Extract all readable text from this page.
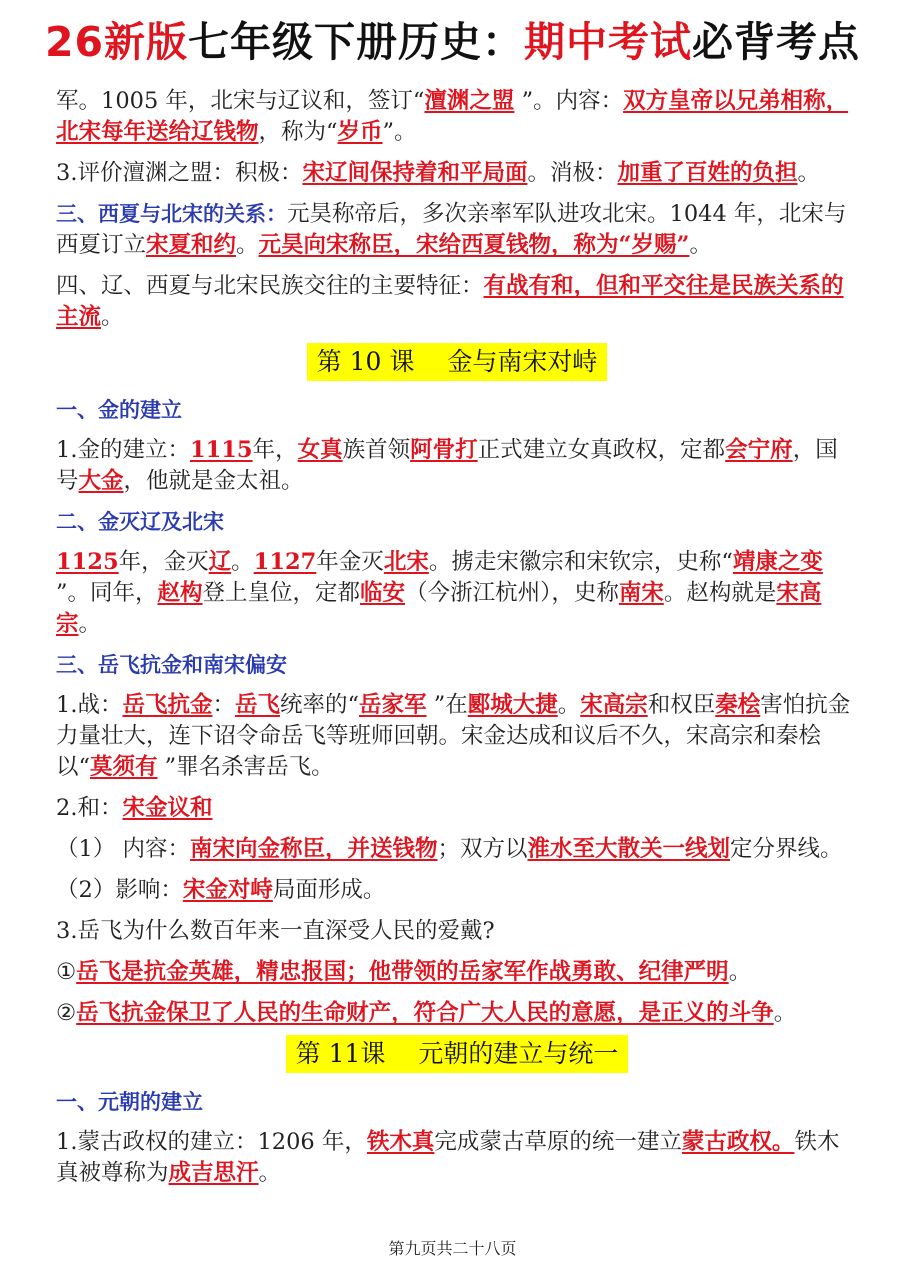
26新版七年级下册历史：期中考试必背考点

军。1005 年，北宋与辽议和，签订“澶渊之盟 ”。内容：双方皇帝以兄弟相称，北宋每年送给辽钱物，称为“岁币”。

3.评价澶渊之盟：积极：宋辽间保持着和平局面。消极：加重了百姓的负担。

三、西夏与北宋的关系：元昊称帝后，多次亲率军队进攻北宋。1044 年，北宋与西夏订立宋夏和约。元昊向宋称臣，宋给西夏钱物，称为“岁赐”。

四、辽、西夏与北宋民族交往的主要特征：有战有和，但和平交往是民族关系的主流。

第 10 课　 金与南宋对峙
一、金的建立

1.金的建立：1115年，女真族首领阿骨打正式建立女真政权，定都会宁府，国号大金，他就是金太祖。

二、金灭辽及北宋

1125年，金灭辽。1127年金灭北宋。掳走宋徽宗和宋钦宗，史称“靖康之变 ”。同年，赵构登上皇位，定都临安（今浙江杭州），史称南宋。赵构就是宋高宗。

三、岳飞抗金和南宋偏安

1.战：岳飞抗金：岳飞统率的“岳家军 ”在郾城大捷。宋高宗和权臣秦桧害怕抗金力量壮大，连下诏令命岳飞等班师回朝。宋金达成和议后不久，宋高宗和秦桧以“莫须有 ”罪名杀害岳飞。

2.和：宋金议和

（1） 内容：南宋向金称臣，并送钱物；双方以淮水至大散关一线划定分界线。

（2）影响：宋金对峙局面形成。

3.岳飞为什么数百年来一直深受人民的爱戴?

①岳飞是抗金英雄，精忠报国；他带领的岳家军作战勇敢、纪律严明。

②岳飞抗金保卫了人民的生命财产，符合广大人民的意愿，是正义的斗争。

第 11课　 元朝的建立与统一
一、元朝的建立

1.蒙古政权的建立：1206 年，铁木真完成蒙古草原的统一建立蒙古政权。铁木真被尊称为成吉思汗。

第九页共二十八页
